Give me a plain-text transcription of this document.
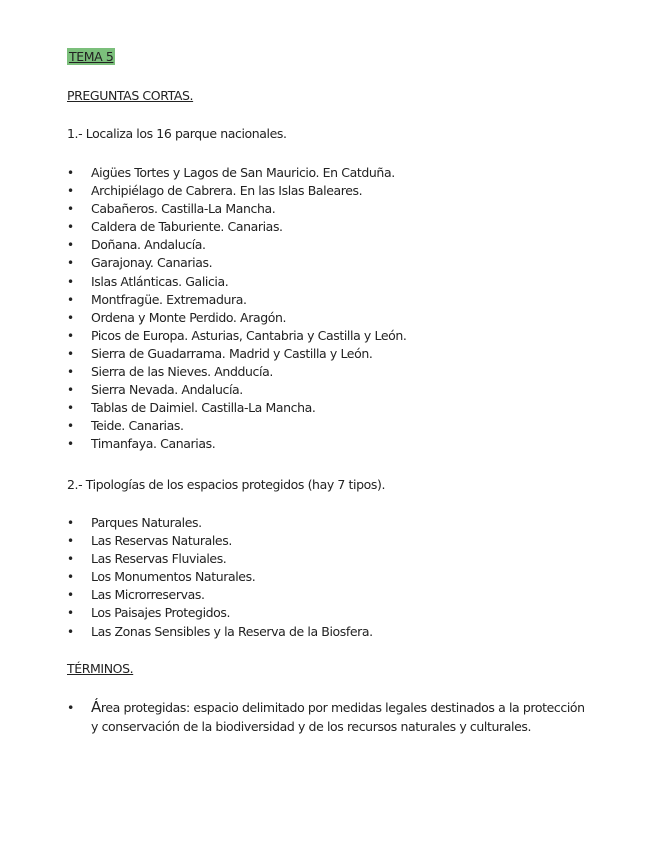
TEMA 5
PREGUNTAS CORTAS.
1.- Localiza los 16 parque nacionales.
• Aigües Tortes y Lagos de San Mauricio. En Catduña.
• Archipiélago de Cabrera. En las Islas Baleares.
• Cabañeros. Castilla-La Mancha.
• Caldera de Taburiente. Canarias.
• Doñana. Andalucía.
• Garajonay. Canarias.
• Islas Atlánticas. Galicia.
• Montfragüe. Extremadura.
• Ordena y Monte Perdido. Aragón.
• Picos de Europa. Asturias, Cantabria y Castilla y León.
• Sierra de Guadarrama. Madrid y Castilla y León.
• Sierra de las Nieves. Andducía.
• Sierra Nevada. Andalucía.
• Tablas de Daimiel. Castilla-La Mancha.
• Teide. Canarias.
• Timanfaya. Canarias.
2.- Tipologías de los espacios protegidos (hay 7 tipos).
• Parques Naturales.
• Las Reservas Naturales.
• Las Reservas Fluviales.
• Los Monumentos Naturales.
• Las Microrreservas.
• Los Paisajes Protegidos.
• Las Zonas Sensibles y la Reserva de la Biosfera.
TÉRMINOS.
• Área protegidas: espacio delimitado por medidas legales destinados a la protección y conservación de la biodiversidad y de los recursos naturales y culturales.
